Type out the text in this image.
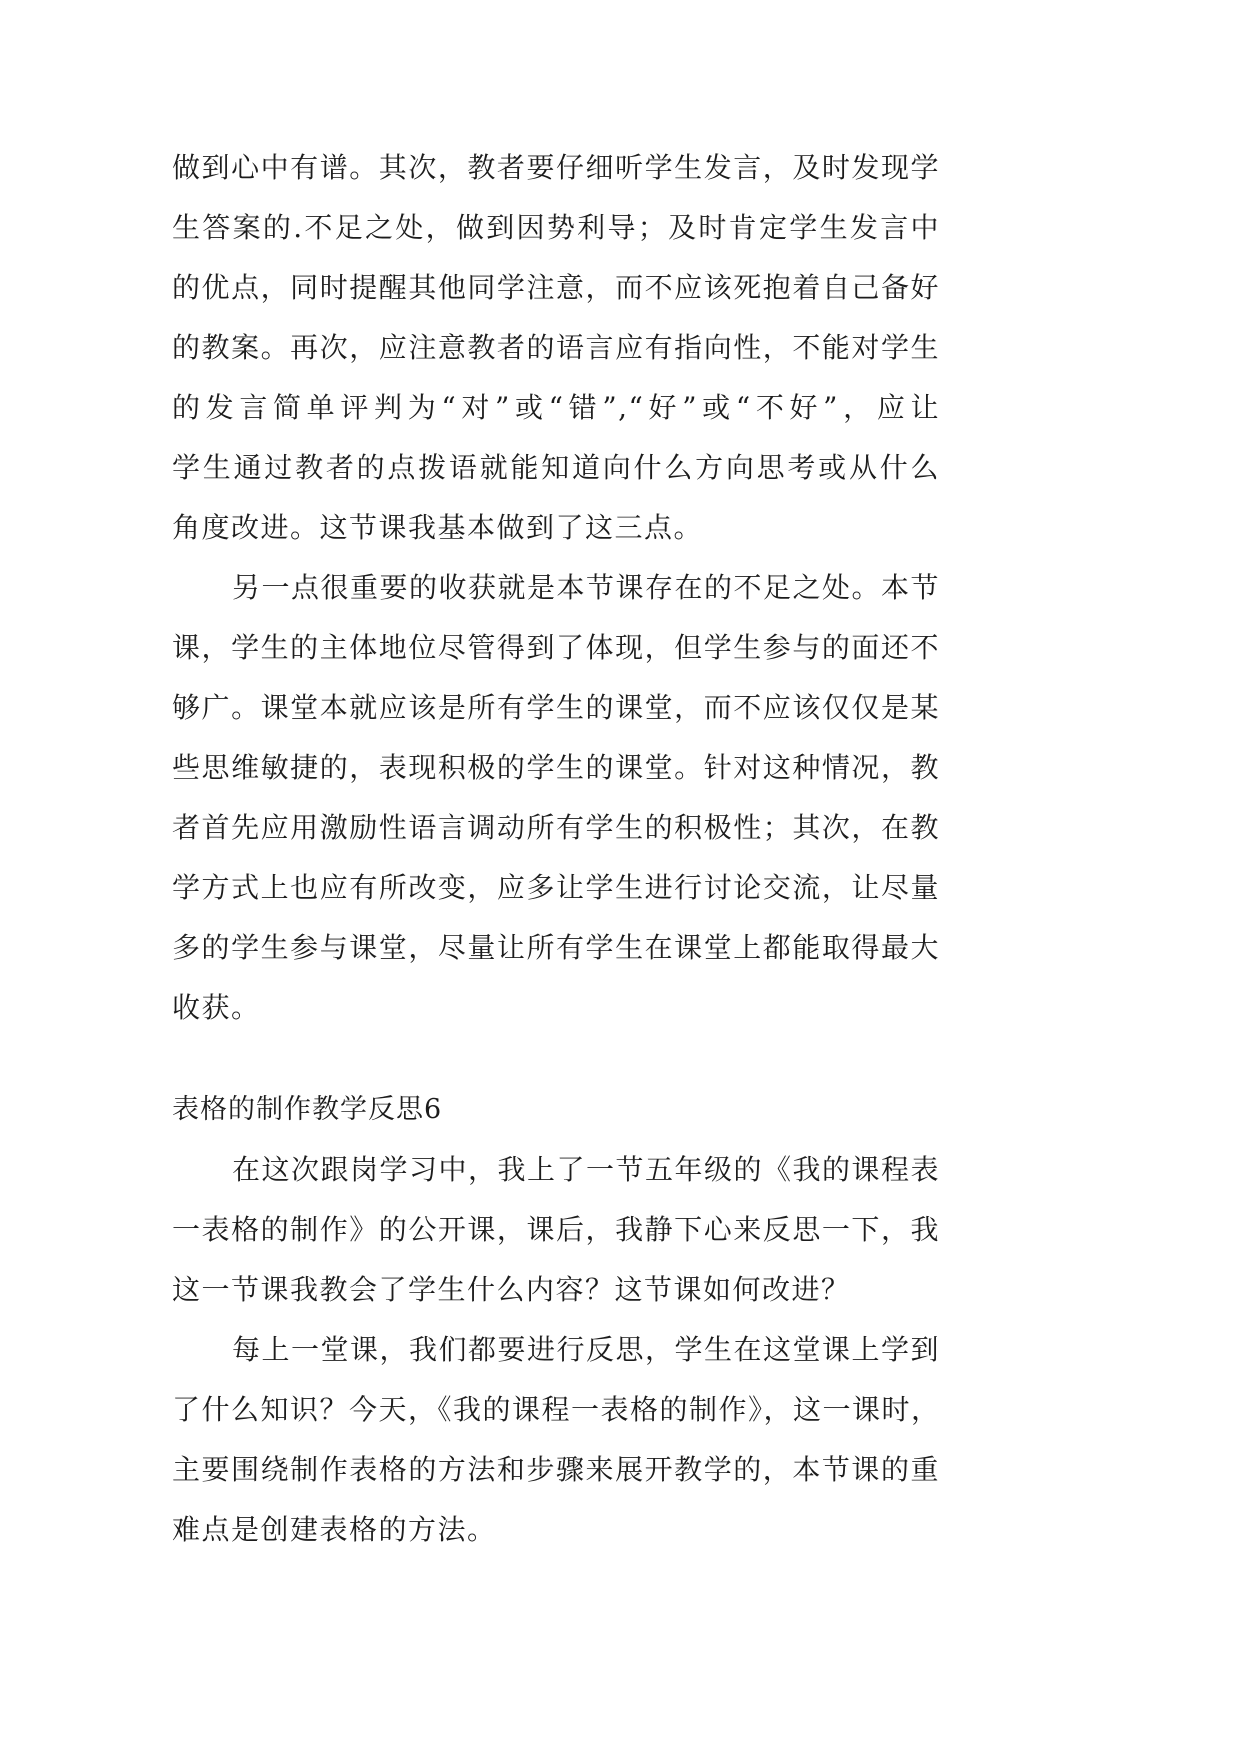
做到心中有谱。其次，教者要仔细听学生发言，及时发现学
生答案的.不足之处，做到因势利导；及时肯定学生发言中
的优点，同时提醒其他同学注意，而不应该死抱着自己备好
的教案。再次，应注意教者的语言应有指向性，不能对学生
的发言简单评判为“对”或“错”,“好”或“不好”，应让
学生通过教者的点拨语就能知道向什么方向思考或从什么
角度改进。这节课我基本做到了这三点。
另一点很重要的收获就是本节课存在的不足之处。本节
课，学生的主体地位尽管得到了体现，但学生参与的面还不
够广。课堂本就应该是所有学生的课堂，而不应该仅仅是某
些思维敏捷的，表现积极的学生的课堂。针对这种情况，教
者首先应用激励性语言调动所有学生的积极性；其次，在教
学方式上也应有所改变，应多让学生进行讨论交流，让尽量
多的学生参与课堂，尽量让所有学生在课堂上都能取得最大
收获。
表格的制作教学反思6
在这次跟岗学习中，我上了一节五年级的《我的课程表
一表格的制作》的公开课，课后，我静下心来反思一下，我
这一节课我教会了学生什么内容？这节课如何改进？
每上一堂课，我们都要进行反思，学生在这堂课上学到
了什么知识？今天，《我的课程一表格的制作》，这一课时，
主要围绕制作表格的方法和步骤来展开教学的，本节课的重
难点是创建表格的方法。
